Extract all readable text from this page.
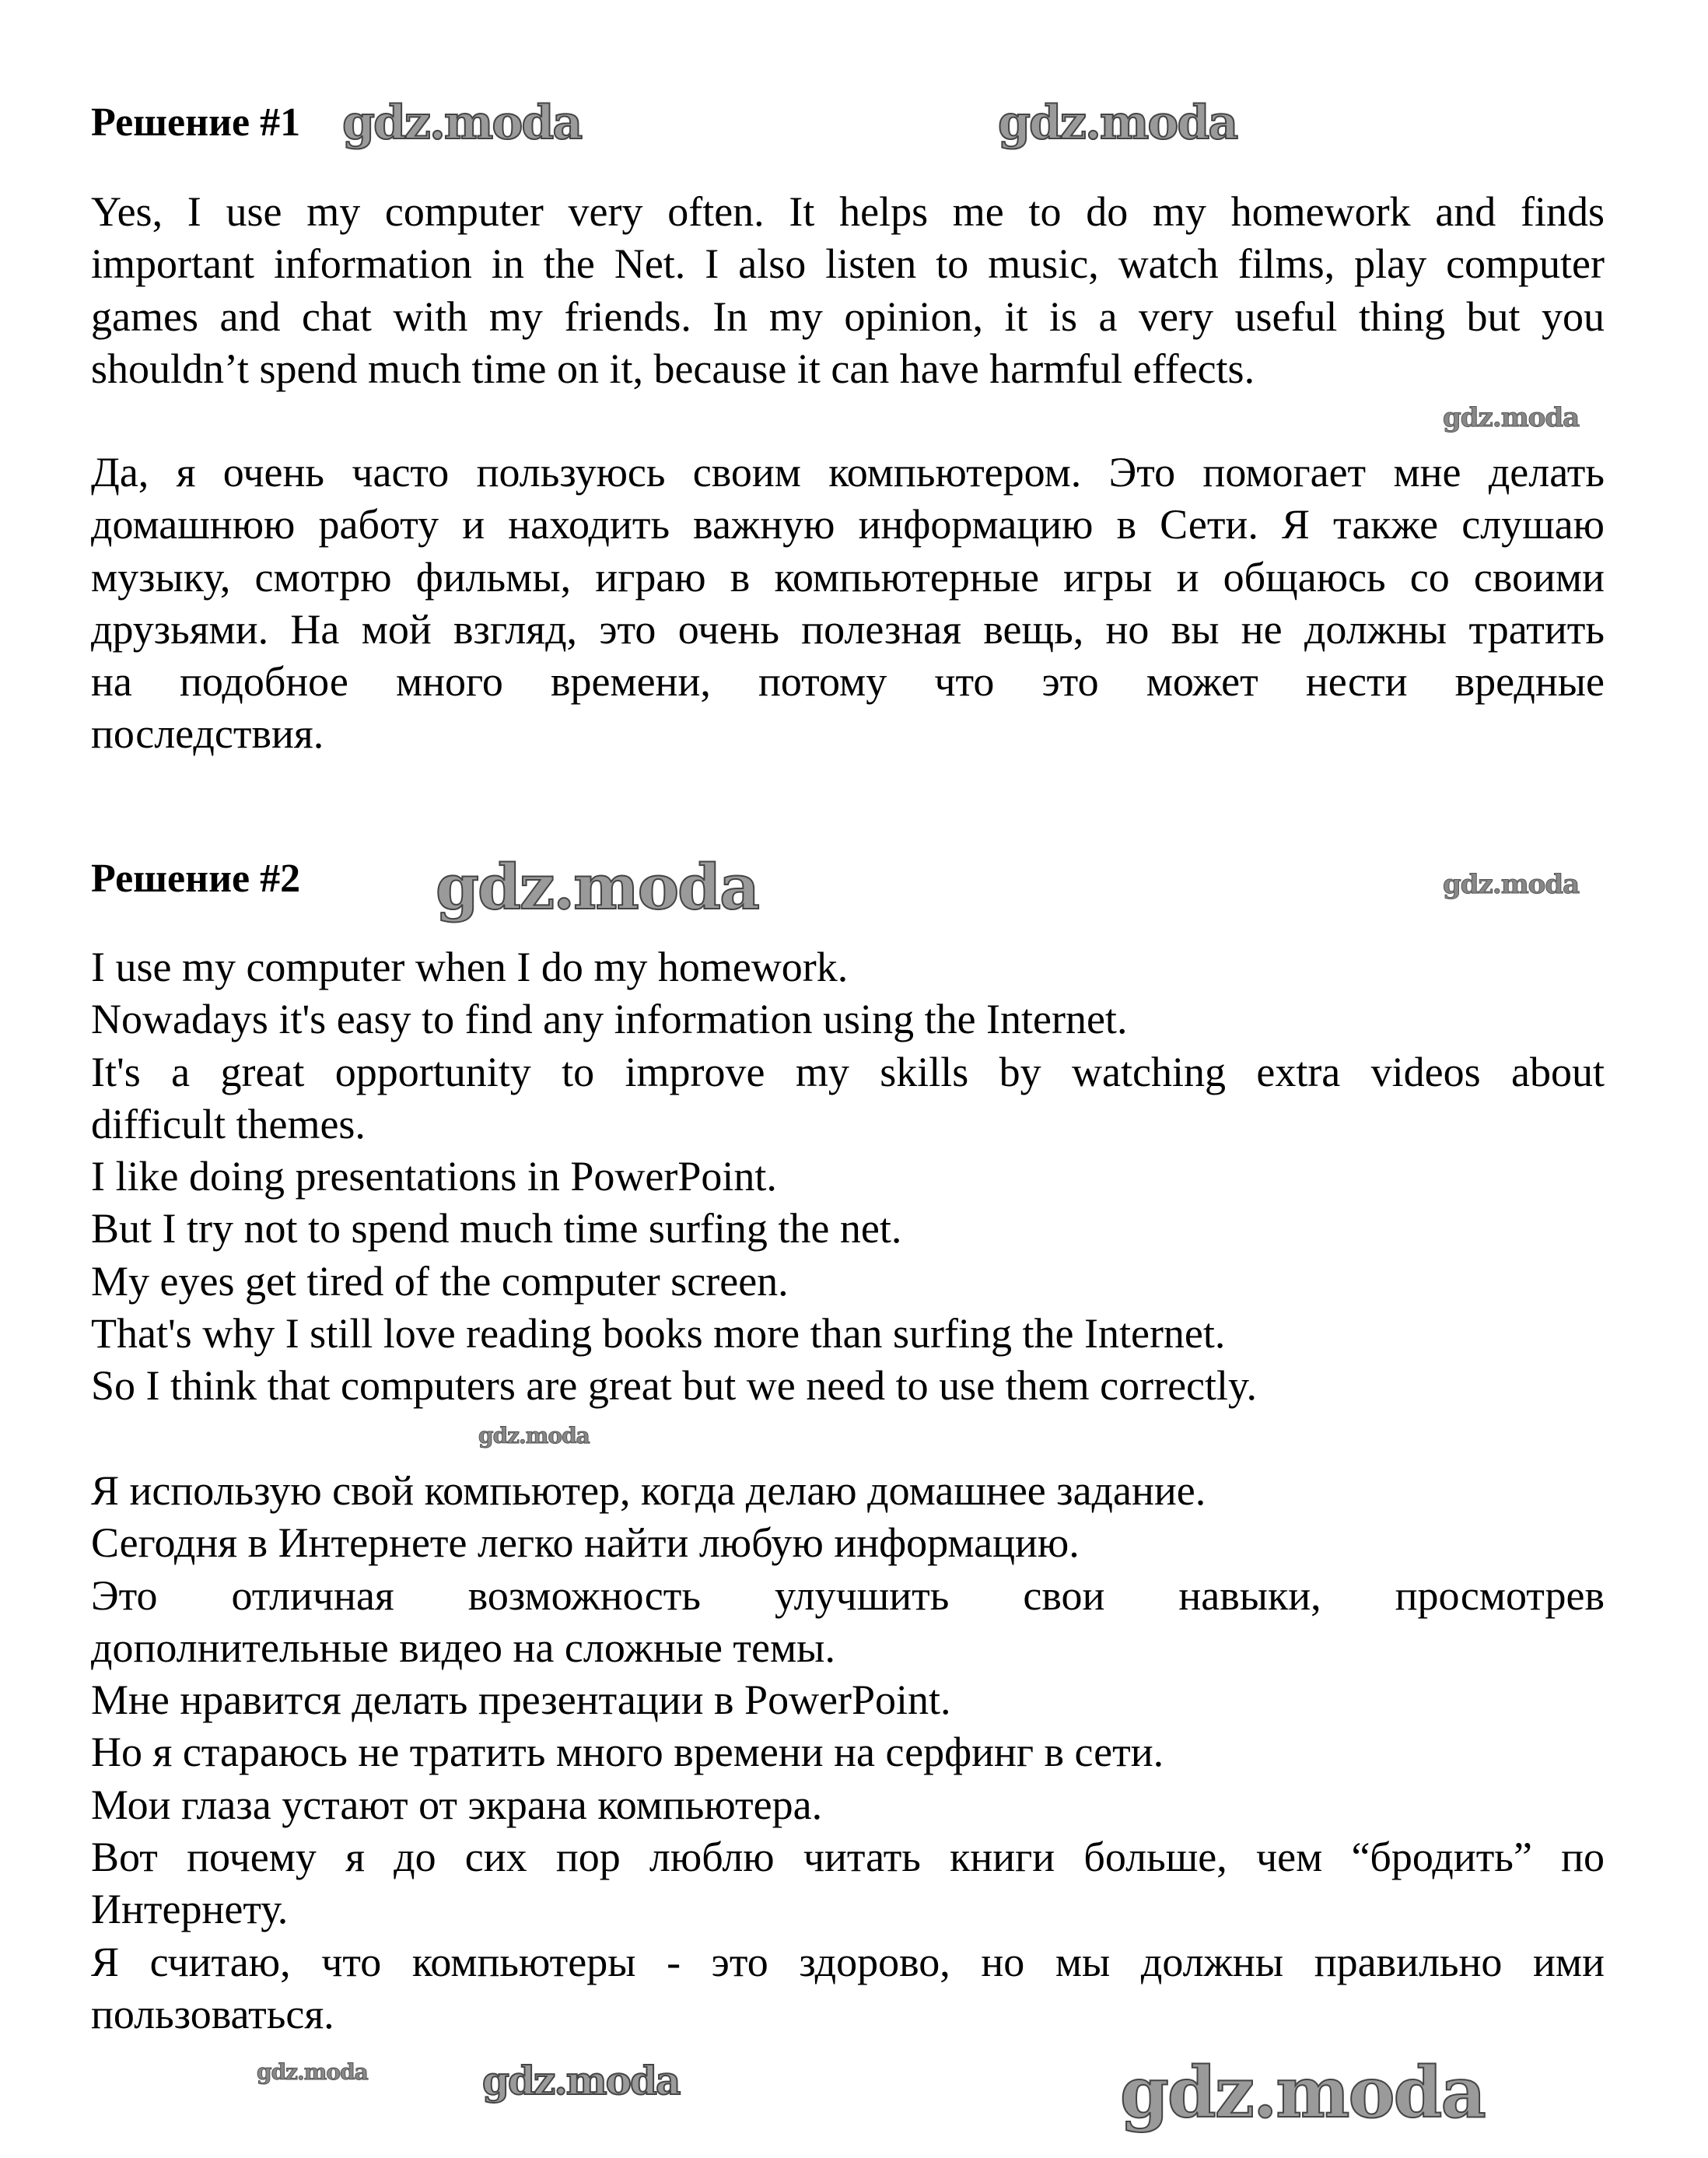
Решение #1
Yes, I use my computer very often. It helps me to do my homework and finds
important information in the Net. I also listen to music, watch films, play computer
games and chat with my friends. In my opinion, it is a very useful thing but you
shouldn’t spend much time on it, because it can have harmful effects.
Да, я очень часто пользуюсь своим компьютером. Это помогает мне делать
домашнюю работу и находить важную информацию в Сети. Я также слушаю
музыку, смотрю фильмы, играю в компьютерные игры и общаюсь со своими
друзьями. На мой взгляд, это очень полезная вещь, но вы не должны тратить
на подобное много времени, потому что это может нести вредные
последствия.
Решение #2
I use my computer when I do my homework.
Nowadays it's easy to find any information using the Internet.
It's a great opportunity to improve my skills by watching extra videos about
difficult themes.
I like doing presentations in PowerPoint.
But I try not to spend much time surfing the net.
My eyes get tired of the computer screen.
That's why I still love reading books more than surfing the Internet.
So I think that computers are great but we need to use them correctly.
Я использую свой компьютер, когда делаю домашнее задание.
Сегодня в Интернете легко найти любую информацию.
Это отличная возможность улучшить свои навыки, просмотрев
дополнительные видео на сложные темы.
Мне нравится делать презентации в PowerPoint.
Но я стараюсь не тратить много времени на серфинг в сети.
Мои глаза устают от экрана компьютера.
Вот почему я до сих пор люблю читать книги больше, чем “бродить” по
Интернету.
Я считаю, что компьютеры - это здорово, но мы должны правильно ими
пользоваться.
gdz.moda	gdz.moda
gdz.moda
gdz.moda	gdz.moda
gdz.moda
gdz.moda	gdz.moda
gdz.moda
